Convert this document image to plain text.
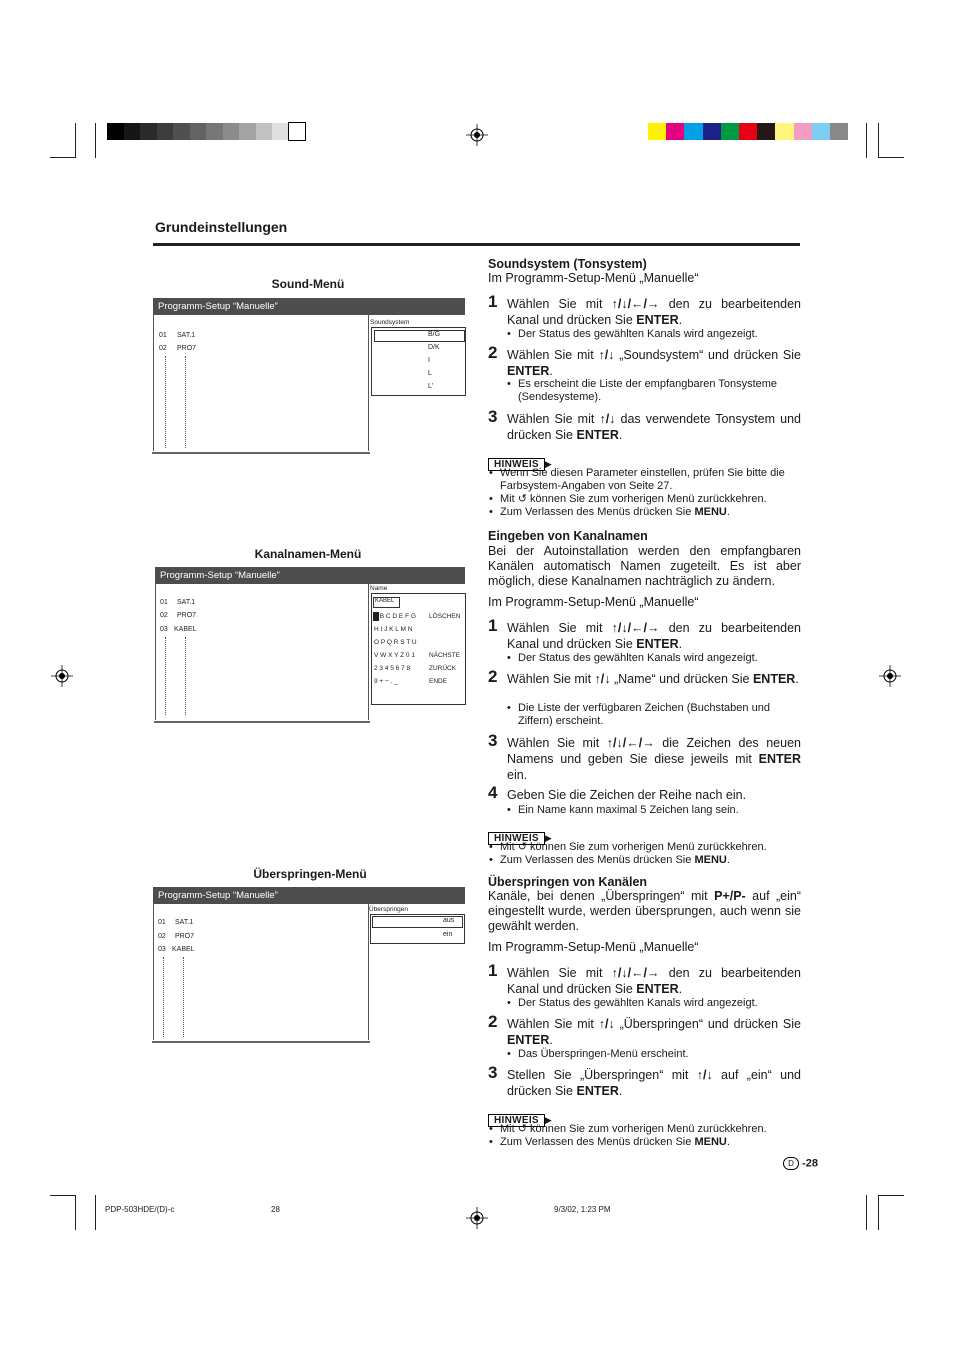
Grundeinstellungen
Sound-Menü
Programm-Setup “Manuelle”
01 SAT.1
02 PRO7
Soundsystem
B/G
D/K
I
L
L'
Kanalnamen-Menü
Programm-Setup “Manuelle”
01 SAT.1
02 PRO7
03 KABEL
Name
KABEL
A B C D E F G LÖSCHEN
H I J K L M N
O P Q R S T U
V W X Y Z 0 1 NÄCHSTE
2 3 4 5 6 7 8	ZURÜCK
9 + − . _	ENDE
Überspringen-Menü
Programm-Setup “Manuelle”
01 SAT.1
02 PRO7
03 KABEL
Überspringen
aus
ein
Soundsystem (Tonsystem)
Im Programm-Setup-Menü „Manuelle“
1 Wählen Sie mit ↑/↓/←/→ den zu bearbeitenden Kanal und drücken Sie ENTER.
• Der Status des gewählten Kanals wird angezeigt.
2 Wählen Sie mit ↑/↓ „Soundsystem“ und drücken Sie ENTER.
• Es erscheint die Liste der empfangbaren Tonsysteme (Sendesysteme).
3 Wählen Sie mit ↑/↓ das verwendete Tonsystem und drücken Sie ENTER.
HINWEIS ▶
• Wenn Sie diesen Parameter einstellen, prüfen Sie bitte die Farbsystem-Angaben von Seite 27.
• Mit ↺ können Sie zum vorherigen Menü zurückkehren.
• Zum Verlassen des Menüs drücken Sie MENU.
Eingeben von Kanalnamen
Bei der Autoinstallation werden den empfangbaren Kanälen automatisch Namen zugeteilt. Es ist aber möglich, diese Kanalnamen nachträglich zu ändern.
Im Programm-Setup-Menü „Manuelle“
1 Wählen Sie mit ↑/↓/←/→ den zu bearbeitenden Kanal und drücken Sie ENTER.
• Der Status des gewählten Kanals wird angezeigt.
2 Wählen Sie mit ↑/↓ „Name“ und drücken Sie ENTER.
• Die Liste der verfügbaren Zeichen (Buchstaben und Ziffern) erscheint.
3 Wählen Sie mit ↑/↓/←/→ die Zeichen des neuen Namens und geben Sie diese jeweils mit ENTER ein.
4 Geben Sie die Zeichen der Reihe nach ein.
• Ein Name kann maximal 5 Zeichen lang sein.
HINWEIS ▶
• Mit ↺ können Sie zum vorherigen Menü zurückkehren.
• Zum Verlassen des Menüs drücken Sie MENU.
Überspringen von Kanälen
Kanäle, bei denen „Überspringen“ mit P+/P- auf „ein“ eingestellt wurde, werden übersprungen, auch wenn sie gewählt werden.
Im Programm-Setup-Menü „Manuelle“
1 Wählen Sie mit ↑/↓/←/→ den zu bearbeitenden Kanal und drücken Sie ENTER.
• Der Status des gewählten Kanals wird angezeigt.
2 Wählen Sie mit ↑/↓ „Überspringen“ und drücken Sie ENTER.
• Das Überspringen-Menü erscheint.
3 Stellen Sie „Überspringen“ mit ↑/↓ auf „ein“ und drücken Sie ENTER.
HINWEIS ▶
• Mit ↺ können Sie zum vorherigen Menü zurückkehren.
• Zum Verlassen des Menüs drücken Sie MENU.
D -28
PDP-503HDE/(D)-c	28	9/3/02, 1:23 PM
